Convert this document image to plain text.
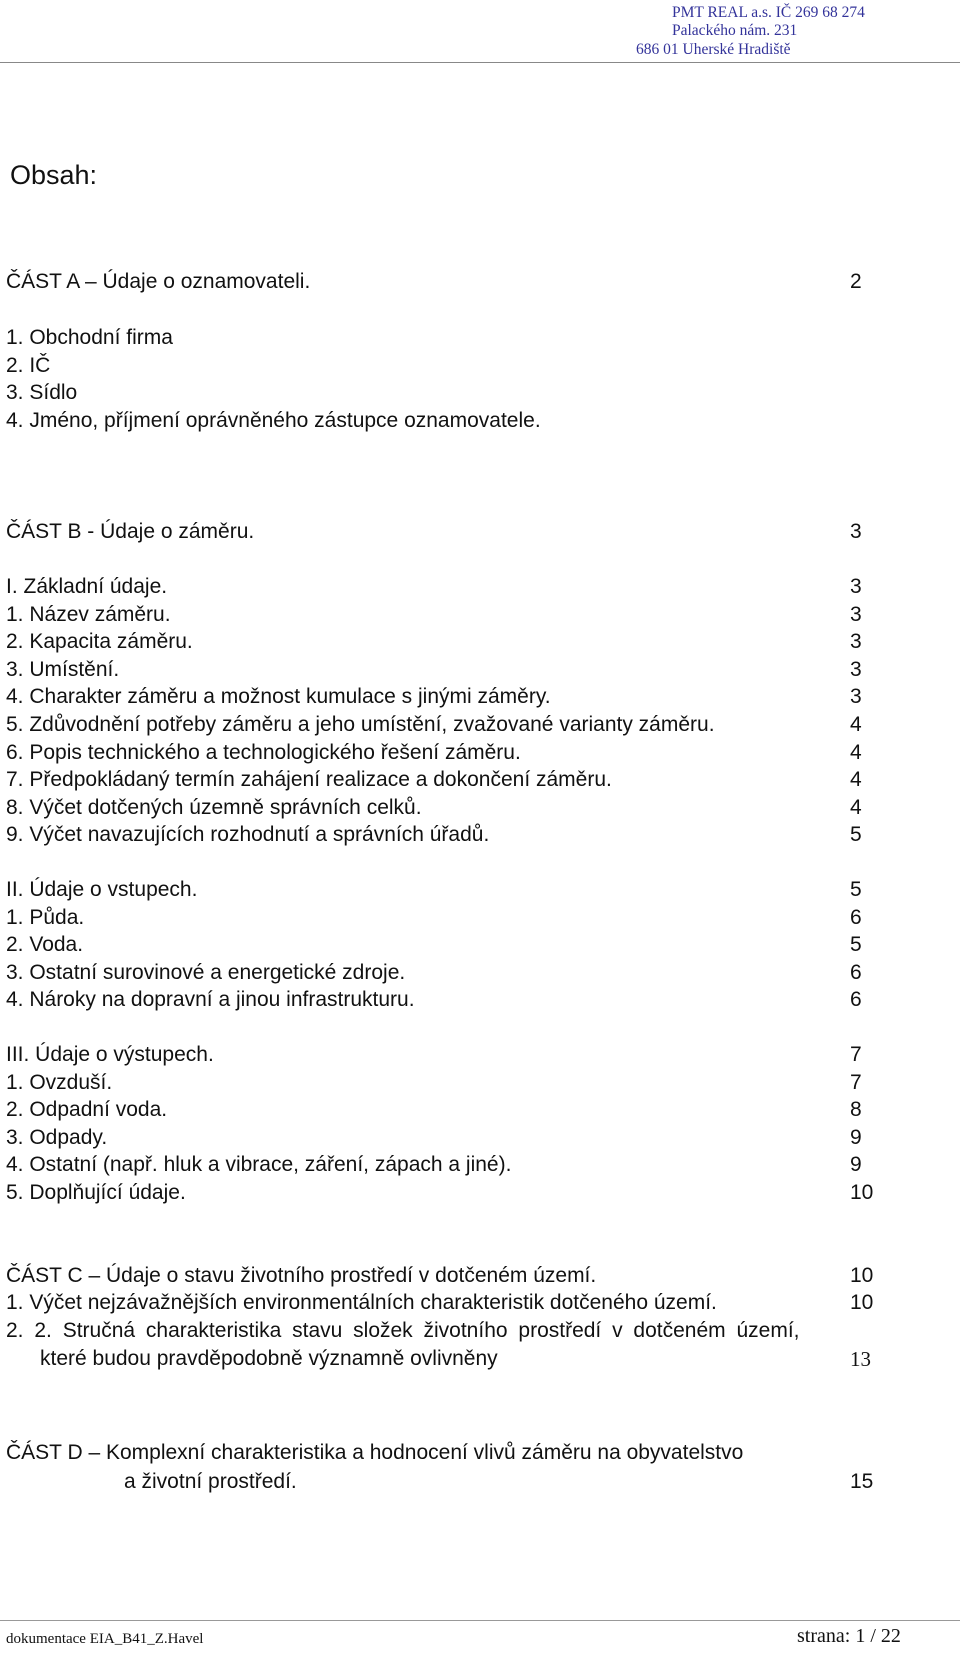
PMT REAL a.s. IČ 269 68 274
Palackého nám. 231
686 01 Uherské Hradiště
Obsah:
ČÁST A – Údaje o oznamovateli.	2
1. Obchodní firma
2. IČ
3. Sídlo
4. Jméno, příjmení oprávněného zástupce oznamovatele.
ČÁST B - Údaje o záměru.	3
I. Základní údaje.	3
1. Název záměru.	3
2. Kapacita záměru.	3
3. Umístění.	3
4. Charakter záměru a možnost kumulace s jinými záměry.	3
5. Zdůvodnění potřeby záměru a jeho umístění, zvažované varianty záměru.	4
6. Popis technického a technologického řešení záměru.	4
7. Předpokládaný termín zahájení realizace a dokončení záměru.	4
8. Výčet dotčených územně správních celků.	4
9. Výčet navazujících rozhodnutí a správních úřadů.	5
II. Údaje o vstupech.	5
1. Půda.	6
2. Voda.	5
3. Ostatní surovinové a energetické zdroje.	6
4. Nároky na dopravní a jinou infrastrukturu.	6
III. Údaje o výstupech.	7
1. Ovzduší.	7
2. Odpadní voda.	8
3. Odpady.	9
4. Ostatní (např. hluk a vibrace, záření, zápach a jiné).	9
5. Doplňující údaje.	10
ČÁST C – Údaje o stavu životního prostředí v dotčeném území.	10
1. Výčet nejzávažnějších environmentálních charakteristik dotčeného území.	10
2. 2. Stručná charakteristika stavu složek životního prostředí v dotčeném území,
které budou pravděpodobně významně ovlivněny	13
ČÁST D – Komplexní charakteristika a hodnocení vlivů záměru na obyvatelstvo
a životní prostředí.	15
dokumentace EIA_B41_Z.Havel	strana: 1 / 22
